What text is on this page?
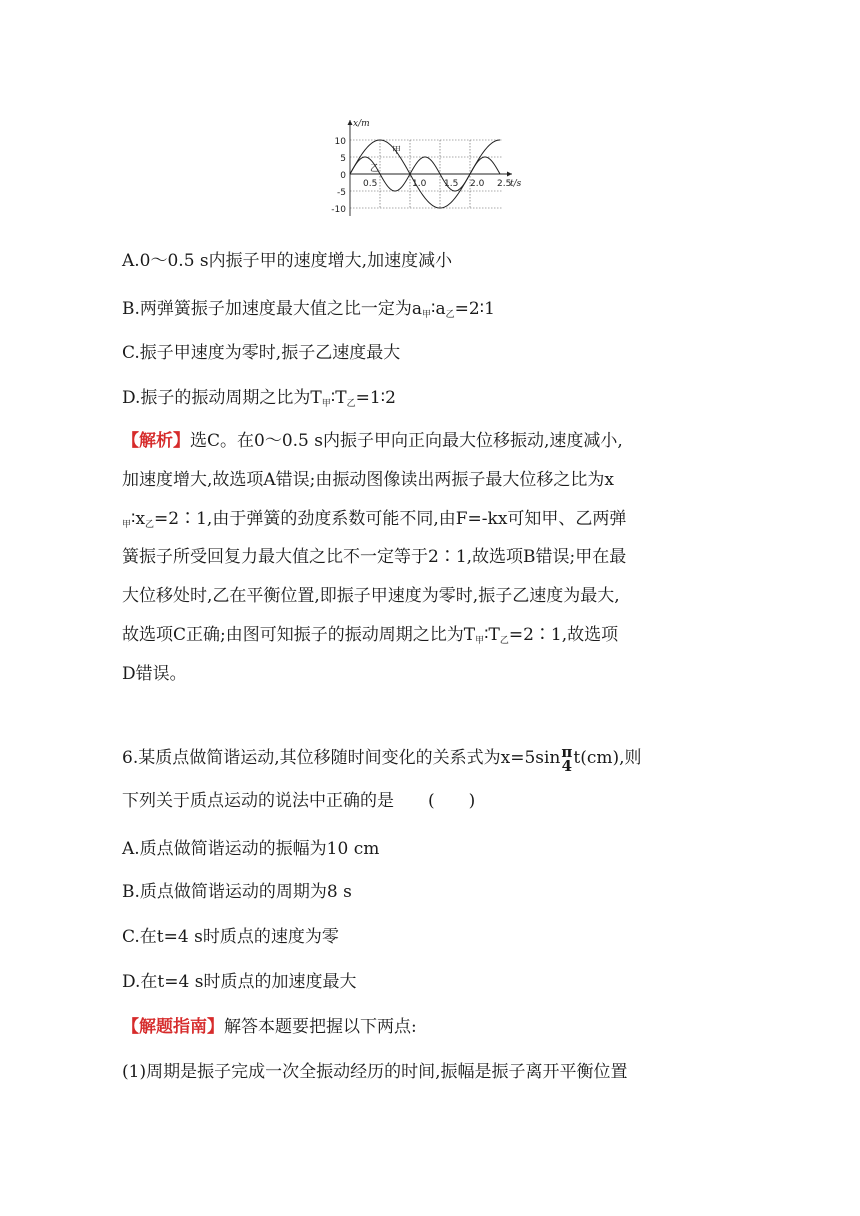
x/m
t/s
10
5
0
-5
-10
0.5	1.0 1.5 2.0 2.5
甲
乙
A.0～0.5 s内振子甲的速度增大,加速度减小
B.两弹簧振子加速度最大值之比一定为$a_甲∶a_乙=2∶1$
C.振子甲速度为零时,振子乙速度最大
D.振子的振动周期之比为$T_甲∶T_乙=1∶2$
【解析】选C。在0～0.5 s内振子甲向正向最大位移振动,速度减小,
加速度增大,故选项A错误;由振动图像读出两振子最大位移之比为x
$_甲∶x_乙=2∶1$,由于弹簧的劲度系数可能不同,由F=-kx可知甲、乙两弹
簧振子所受回复力最大值之比不一定等于2∶1,故选项B错误;甲在最
大位移处时,乙在平衡位置,即振子甲速度为零时,振子乙速度为最大,
故选项C正确;由图可知振子的振动周期之比为$T_甲∶T_乙=2∶1$,故选项
D错误。
6.某质点做简谐运动,其位移随时间变化的关系式为x=5sin π
4 t(cm),则
下列关于质点运动的说法中正确的是　　(　　)
A.质点做简谐运动的振幅为10 cm
B.质点做简谐运动的周期为8 s
C.在t=4 s时质点的速度为零
D.在t=4 s时质点的加速度最大
【解题指南】解答本题要把握以下两点:
(1)周期是振子完成一次全振动经历的时间,振幅是振子离开平衡位置
